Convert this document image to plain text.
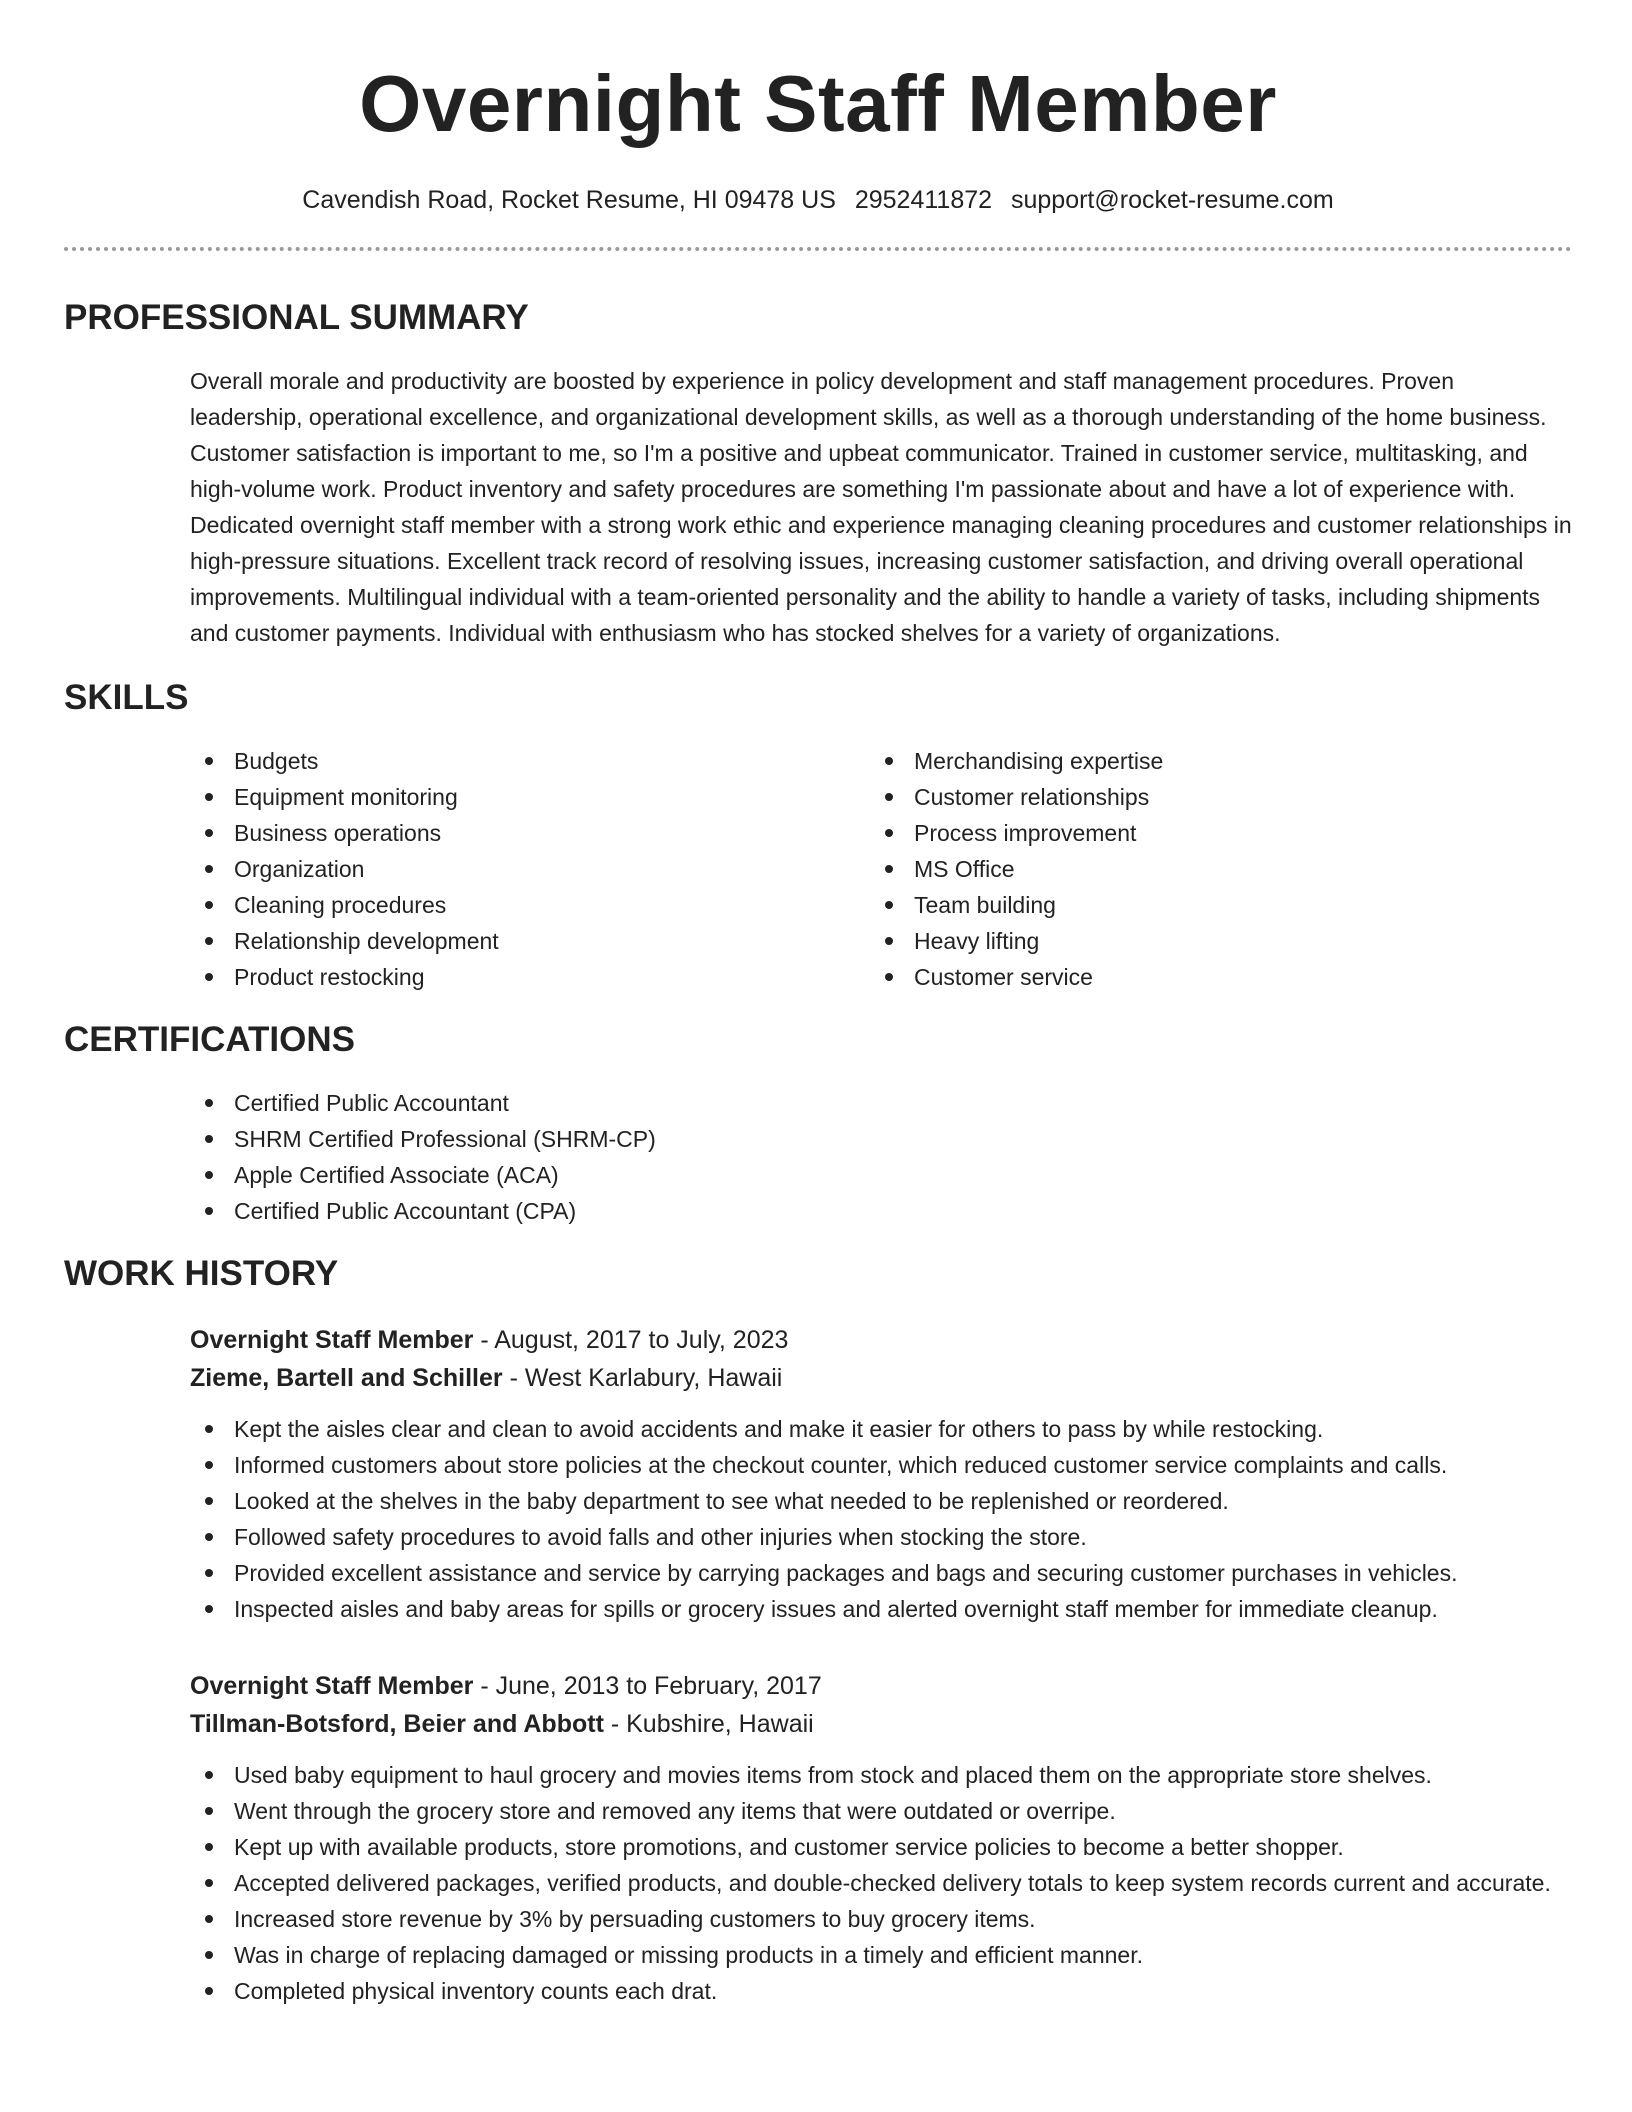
Overnight Staff Member
Cavendish Road, Rocket Resume, HI 09478 US 2952411872 support@rocket-resume.com
PROFESSIONAL SUMMARY

Overall morale and productivity are boosted by experience in policy development and staff management procedures. Proven leadership, operational excellence, and organizational development skills, as well as a thorough understanding of the home business. Customer satisfaction is important to me, so I'm a positive and upbeat communicator. Trained in customer service, multitasking, and high-volume work. Product inventory and safety procedures are something I'm passionate about and have a lot of experience with. Dedicated overnight staff member with a strong work ethic and experience managing cleaning procedures and customer relationships in high-pressure situations. Excellent track record of resolving issues, increasing customer satisfaction, and driving overall operational improvements. Multilingual individual with a team-oriented personality and the ability to handle a variety of tasks, including shipments and customer payments. Individual with enthusiasm who has stocked shelves for a variety of organizations.

SKILLS
Budgets
Equipment monitoring
Business operations
Organization
Cleaning procedures
Relationship development
Product restocking
Merchandising expertise
Customer relationships
Process improvement
MS Office
Team building
Heavy lifting
Customer service
CERTIFICATIONS
Certified Public Accountant
SHRM Certified Professional (SHRM-CP)
Apple Certified Associate (ACA)
Certified Public Accountant (CPA)
WORK HISTORY
Overnight Staff Member - August, 2017 to July, 2023
Zieme, Bartell and Schiller - West Karlabury, Hawaii
Kept the aisles clear and clean to avoid accidents and make it easier for others to pass by while restocking.
Informed customers about store policies at the checkout counter, which reduced customer service complaints and calls.
Looked at the shelves in the baby department to see what needed to be replenished or reordered.
Followed safety procedures to avoid falls and other injuries when stocking the store.
Provided excellent assistance and service by carrying packages and bags and securing customer purchases in vehicles.
Inspected aisles and baby areas for spills or grocery issues and alerted overnight staff member for immediate cleanup.
Overnight Staff Member - June, 2013 to February, 2017
Tillman-Botsford, Beier and Abbott - Kubshire, Hawaii
Used baby equipment to haul grocery and movies items from stock and placed them on the appropriate store shelves.
Went through the grocery store and removed any items that were outdated or overripe.
Kept up with available products, store promotions, and customer service policies to become a better shopper.
Accepted delivered packages, verified products, and double-checked delivery totals to keep system records current and accurate.
Increased store revenue by 3% by persuading customers to buy grocery items.
Was in charge of replacing damaged or missing products in a timely and efficient manner.
Completed physical inventory counts each drat.
